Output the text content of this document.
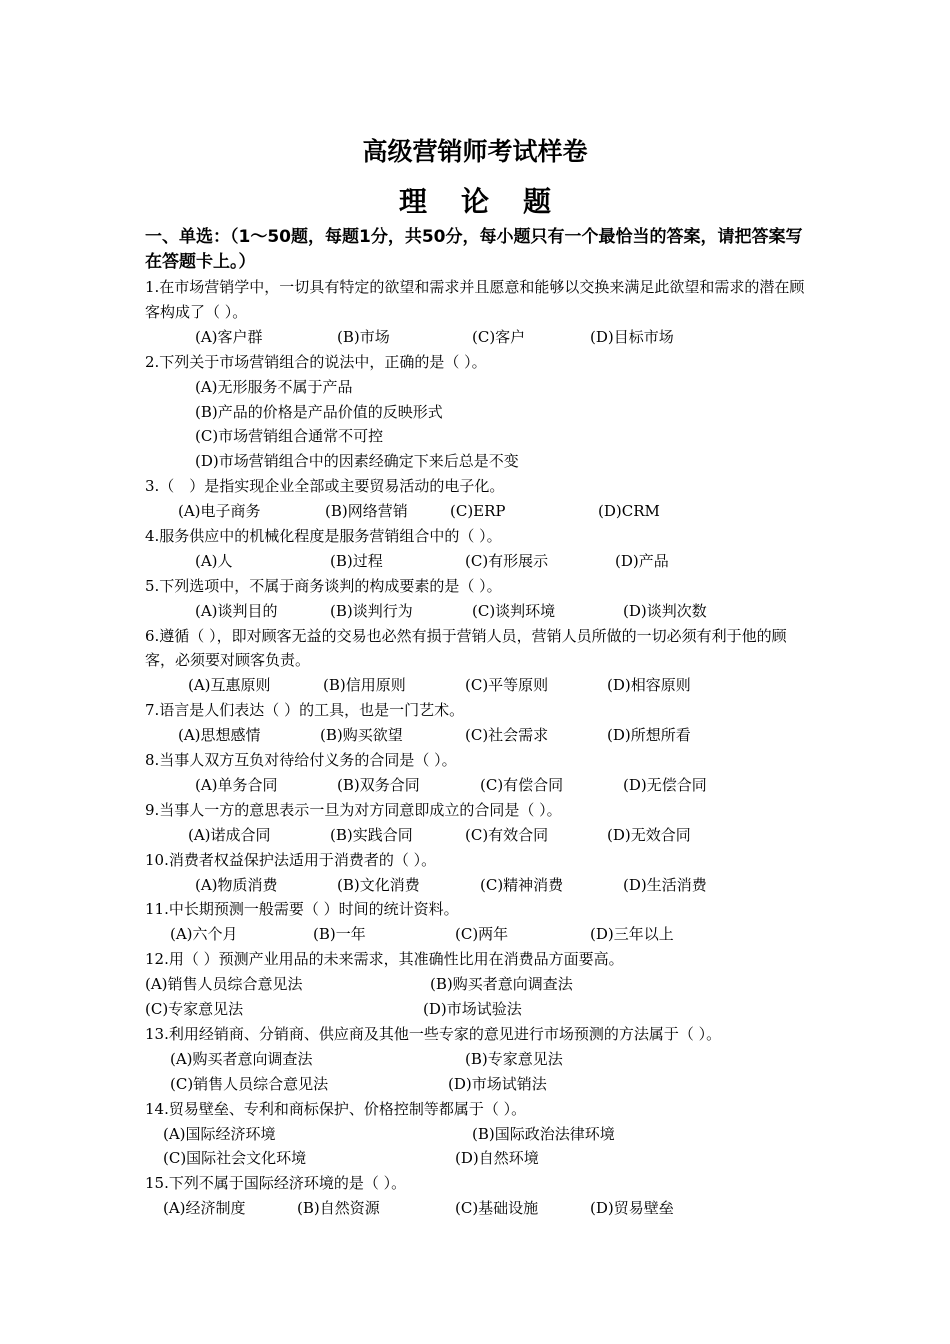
高级营销师考试样卷
理论题
一、单选：（1～50题，每题1分，共50分，每小题只有一个最恰当的答案，请把答案写在答题卡上。）
1.在市场营销学中，一切具有特定的欲望和需求并且愿意和能够以交换来满足此欲望和需求的潜在顾客构成了（ ）。
(A)客户群	(B)市场	(C)客户	(D)目标市场
2.下列关于市场营销组合的说法中，正确的是（ ）。
(A)无形服务不属于产品
(B)产品的价格是产品价值的反映形式
(C)市场营销组合通常不可控
(D)市场营销组合中的因素经确定下来后总是不变
3.（　）是指实现企业全部或主要贸易活动的电子化。
(A)电子商务	(B)网络营销	(C)ERP	(D)CRM
4.服务供应中的机械化程度是服务营销组合中的（ ）。
(A)人	(B)过程	(C)有形展示	(D)产品
5.下列选项中，不属于商务谈判的构成要素的是（ ）。
(A)谈判目的	(B)谈判行为	(C)谈判环境	(D)谈判次数
6.遵循（ ），即对顾客无益的交易也必然有损于营销人员，营销人员所做的一切必须有利于他的顾客，必须要对顾客负责。
(A)互惠原则	(B)信用原则	(C)平等原则	(D)相容原则
7.语言是人们表达（ ）的工具，也是一门艺术。
(A)思想感情	(B)购买欲望	(C)社会需求	(D)所想所看
8.当事人双方互负对待给付义务的合同是（ ）。
(A)单务合同	(B)双务合同	(C)有偿合同	(D)无偿合同
9.当事人一方的意思表示一旦为对方同意即成立的合同是（ ）。
(A)诺成合同	(B)实践合同	(C)有效合同	(D)无效合同
10.消费者权益保护法适用于消费者的（ ）。
(A)物质消费	(B)文化消费	(C)精神消费	(D)生活消费
11.中长期预测一般需要（ ）时间的统计资料。
(A)六个月	(B)一年	(C)两年	(D)三年以上
12.用（ ）预测产业用品的未来需求，其准确性比用在消费品方面要高。
(A)销售人员综合意见法	(B)购买者意向调查法
(C)专家意见法	(D)市场试验法
13.利用经销商、分销商、供应商及其他一些专家的意见进行市场预测的方法属于（ ）。
(A)购买者意向调查法	(B)专家意见法
(C)销售人员综合意见法	(D)市场试销法
14.贸易壁垒、专利和商标保护、价格控制等都属于（ ）。
(A)国际经济环境	(B)国际政治法律环境
(C)国际社会文化环境	(D)自然环境
15.下列不属于国际经济环境的是（ ）。
(A)经济制度	(B)自然资源	(C)基础设施	(D)贸易壁垒
